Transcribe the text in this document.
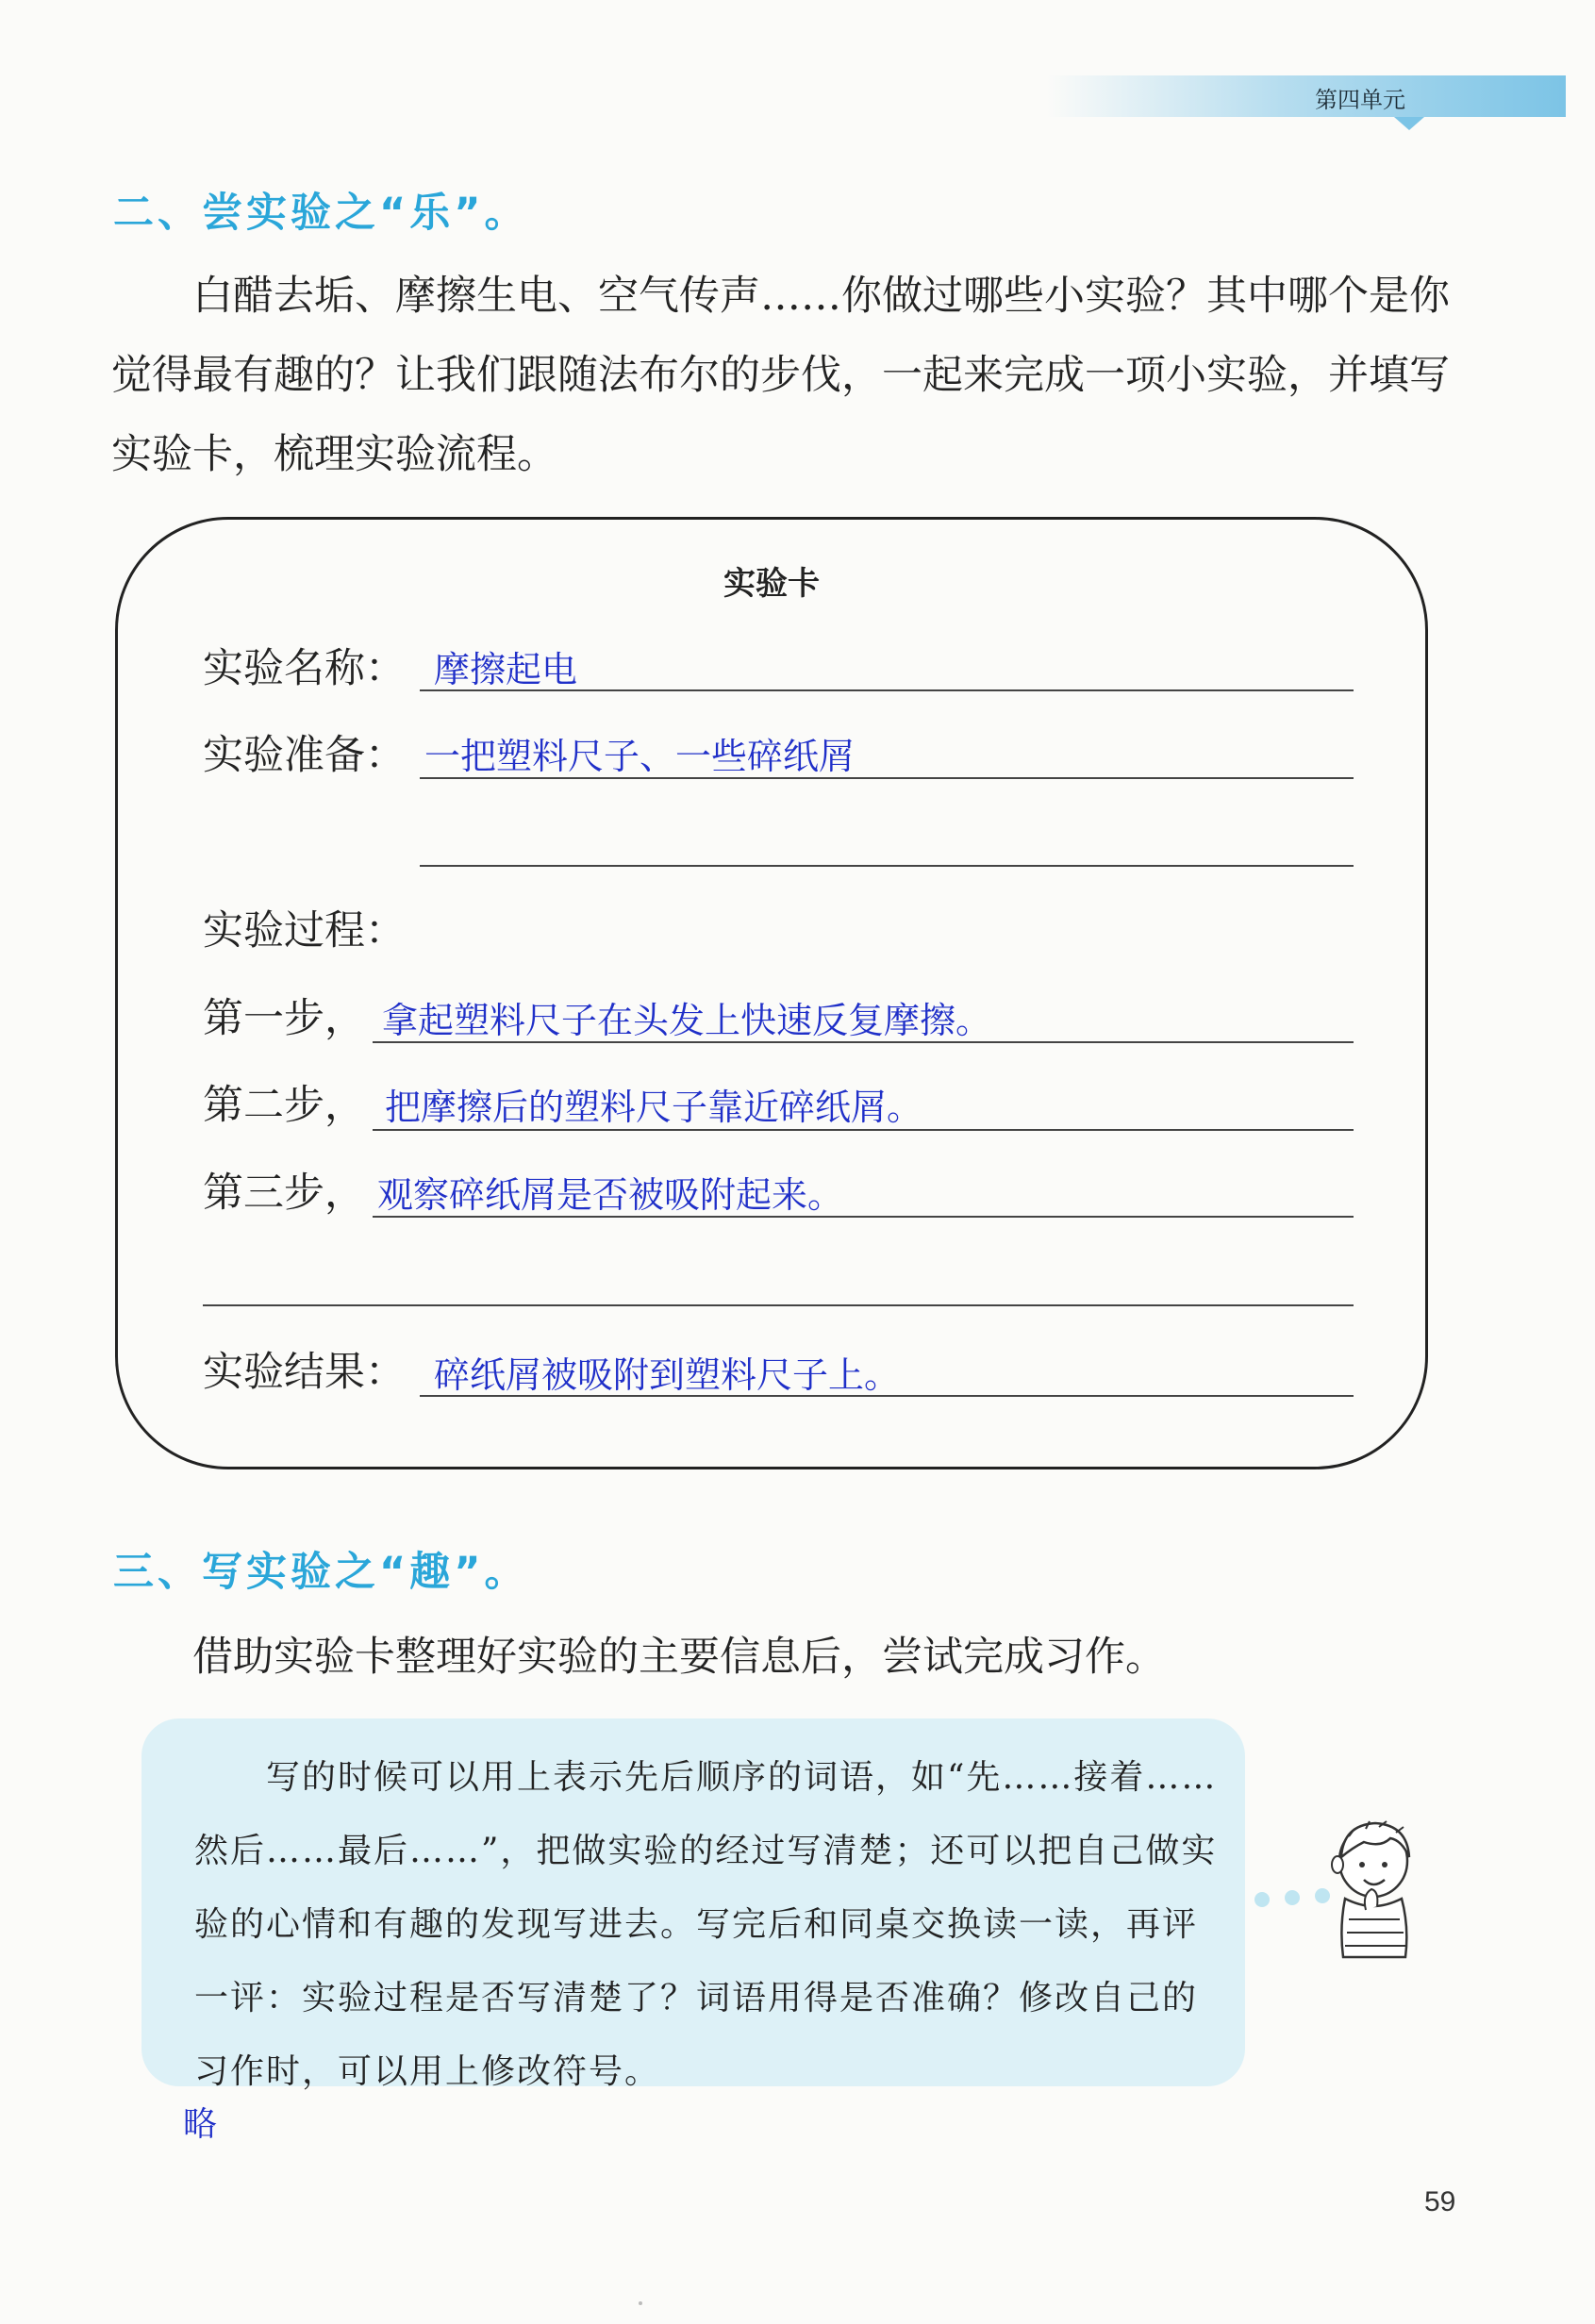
第四单元
二、尝实验之“乐”。
白醋去垢、摩擦生电、空气传声……你做过哪些小实验？其中哪个是你觉得最有趣的？让我们跟随法布尔的步伐，一起来完成一项小实验，并填写实验卡，梳理实验流程。
实验卡
实验名称： 摩擦起电
实验准备： 一把塑料尺子、一些碎纸屑
实验过程：
第一步， 拿起塑料尺子在头发上快速反复摩擦。
第二步， 把摩擦后的塑料尺子靠近碎纸屑。
第三步， 观察碎纸屑是否被吸附起来。
实验结果： 碎纸屑被吸附到塑料尺子上。
三、写实验之“趣”。
借助实验卡整理好实验的主要信息后，尝试完成习作。
写的时候可以用上表示先后顺序的词语，如“先……接着……然后……最后……”，把做实验的经过写清楚；还可以把自己做实验的心情和有趣的发现写进去。写完后和同桌交换读一读，再评一评：实验过程是否写清楚了？词语用得是否准确？修改自己的习作时，可以用上修改符号。
略
59
